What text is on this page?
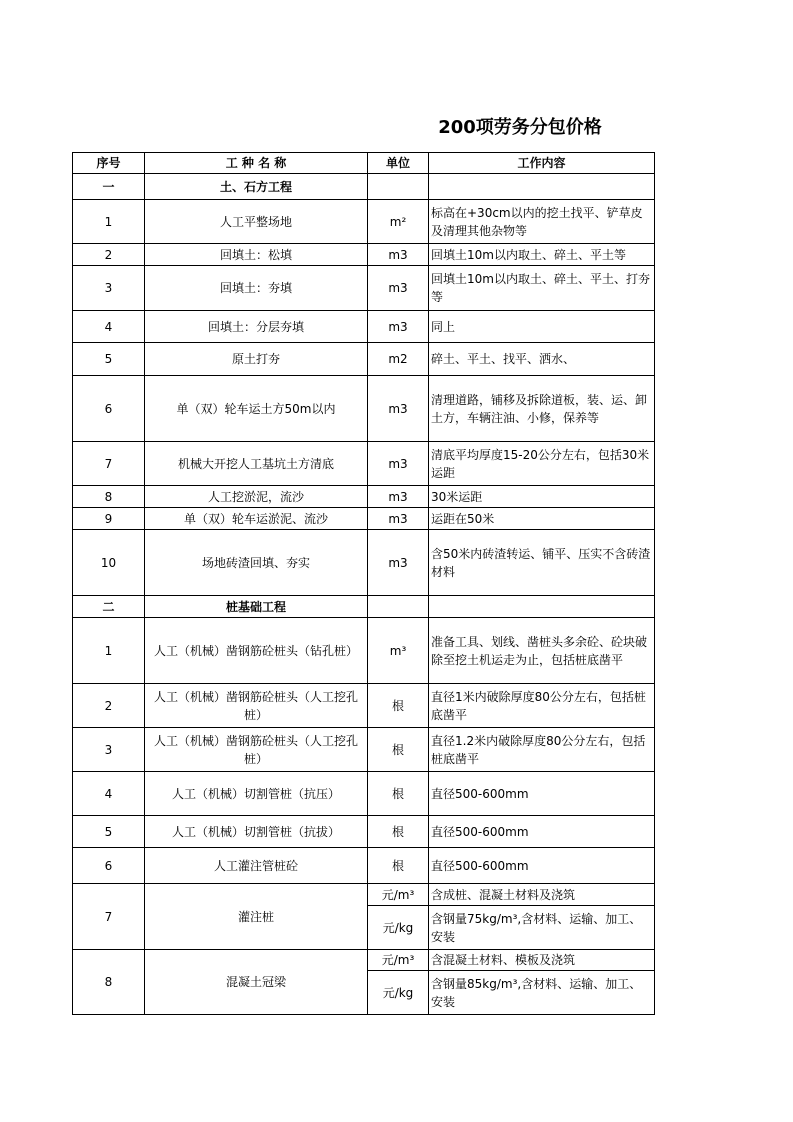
200项劳务分包价格
序号	工 种 名 称	单位	工作内容
一	土、石方工程		
1	人工平整场地	m²	标高在+30cm以内的挖土找平、铲草皮及清理其他杂物等
2	回填土：松填	m3	回填土10m以内取土、碎土、平土等
3	回填土：夯填	m3	回填土10m以内取土、碎土、平土、打夯等
4	回填土：分层夯填	m3	同上
5	原土打夯	m2	碎土、平土、找平、洒水、
6	单（双）轮车运土方50m以内	m3	清理道路，铺移及拆除道板，装、运、卸土方，车辆注油、小修，保养等
7	机械大开挖人工基坑土方清底	m3	清底平均厚度15-20公分左右，包括30米运距
8	人工挖淤泥，流沙	m3	30米运距
9	单（双）轮车运淤泥、流沙	m3	运距在50米
10	场地砖渣回填、夯实	m3	含50米内砖渣转运、铺平、压实不含砖渣材料
二	桩基础工程		
1	人工（机械）凿钢筋砼桩头（钻孔桩）	m³	准备工具、划线、凿桩头多余砼、砼块破除至挖土机运走为止，包括桩底凿平
2	人工（机械）凿钢筋砼桩头（人工挖孔桩）	根	直径1米内破除厚度80公分左右，包括桩底凿平
3	人工（机械）凿钢筋砼桩头（人工挖孔桩）	根	直径1.2米内破除厚度80公分左右，包括桩底凿平
4	人工（机械）切割管桩（抗压）	根	直径500-600mm
5	人工（机械）切割管桩（抗拔）	根	直径500-600mm
6	人工灌注管桩砼	根	直径500-600mm
7	灌注桩	元/m³	含成桩、混凝土材料及浇筑
		元/kg	含钢量75kg/m³,含材料、运输、加工、安装
8	混凝土冠梁	元/m³	含混凝土材料、模板及浇筑
		元/kg	含钢量85kg/m³,含材料、运输、加工、安装
